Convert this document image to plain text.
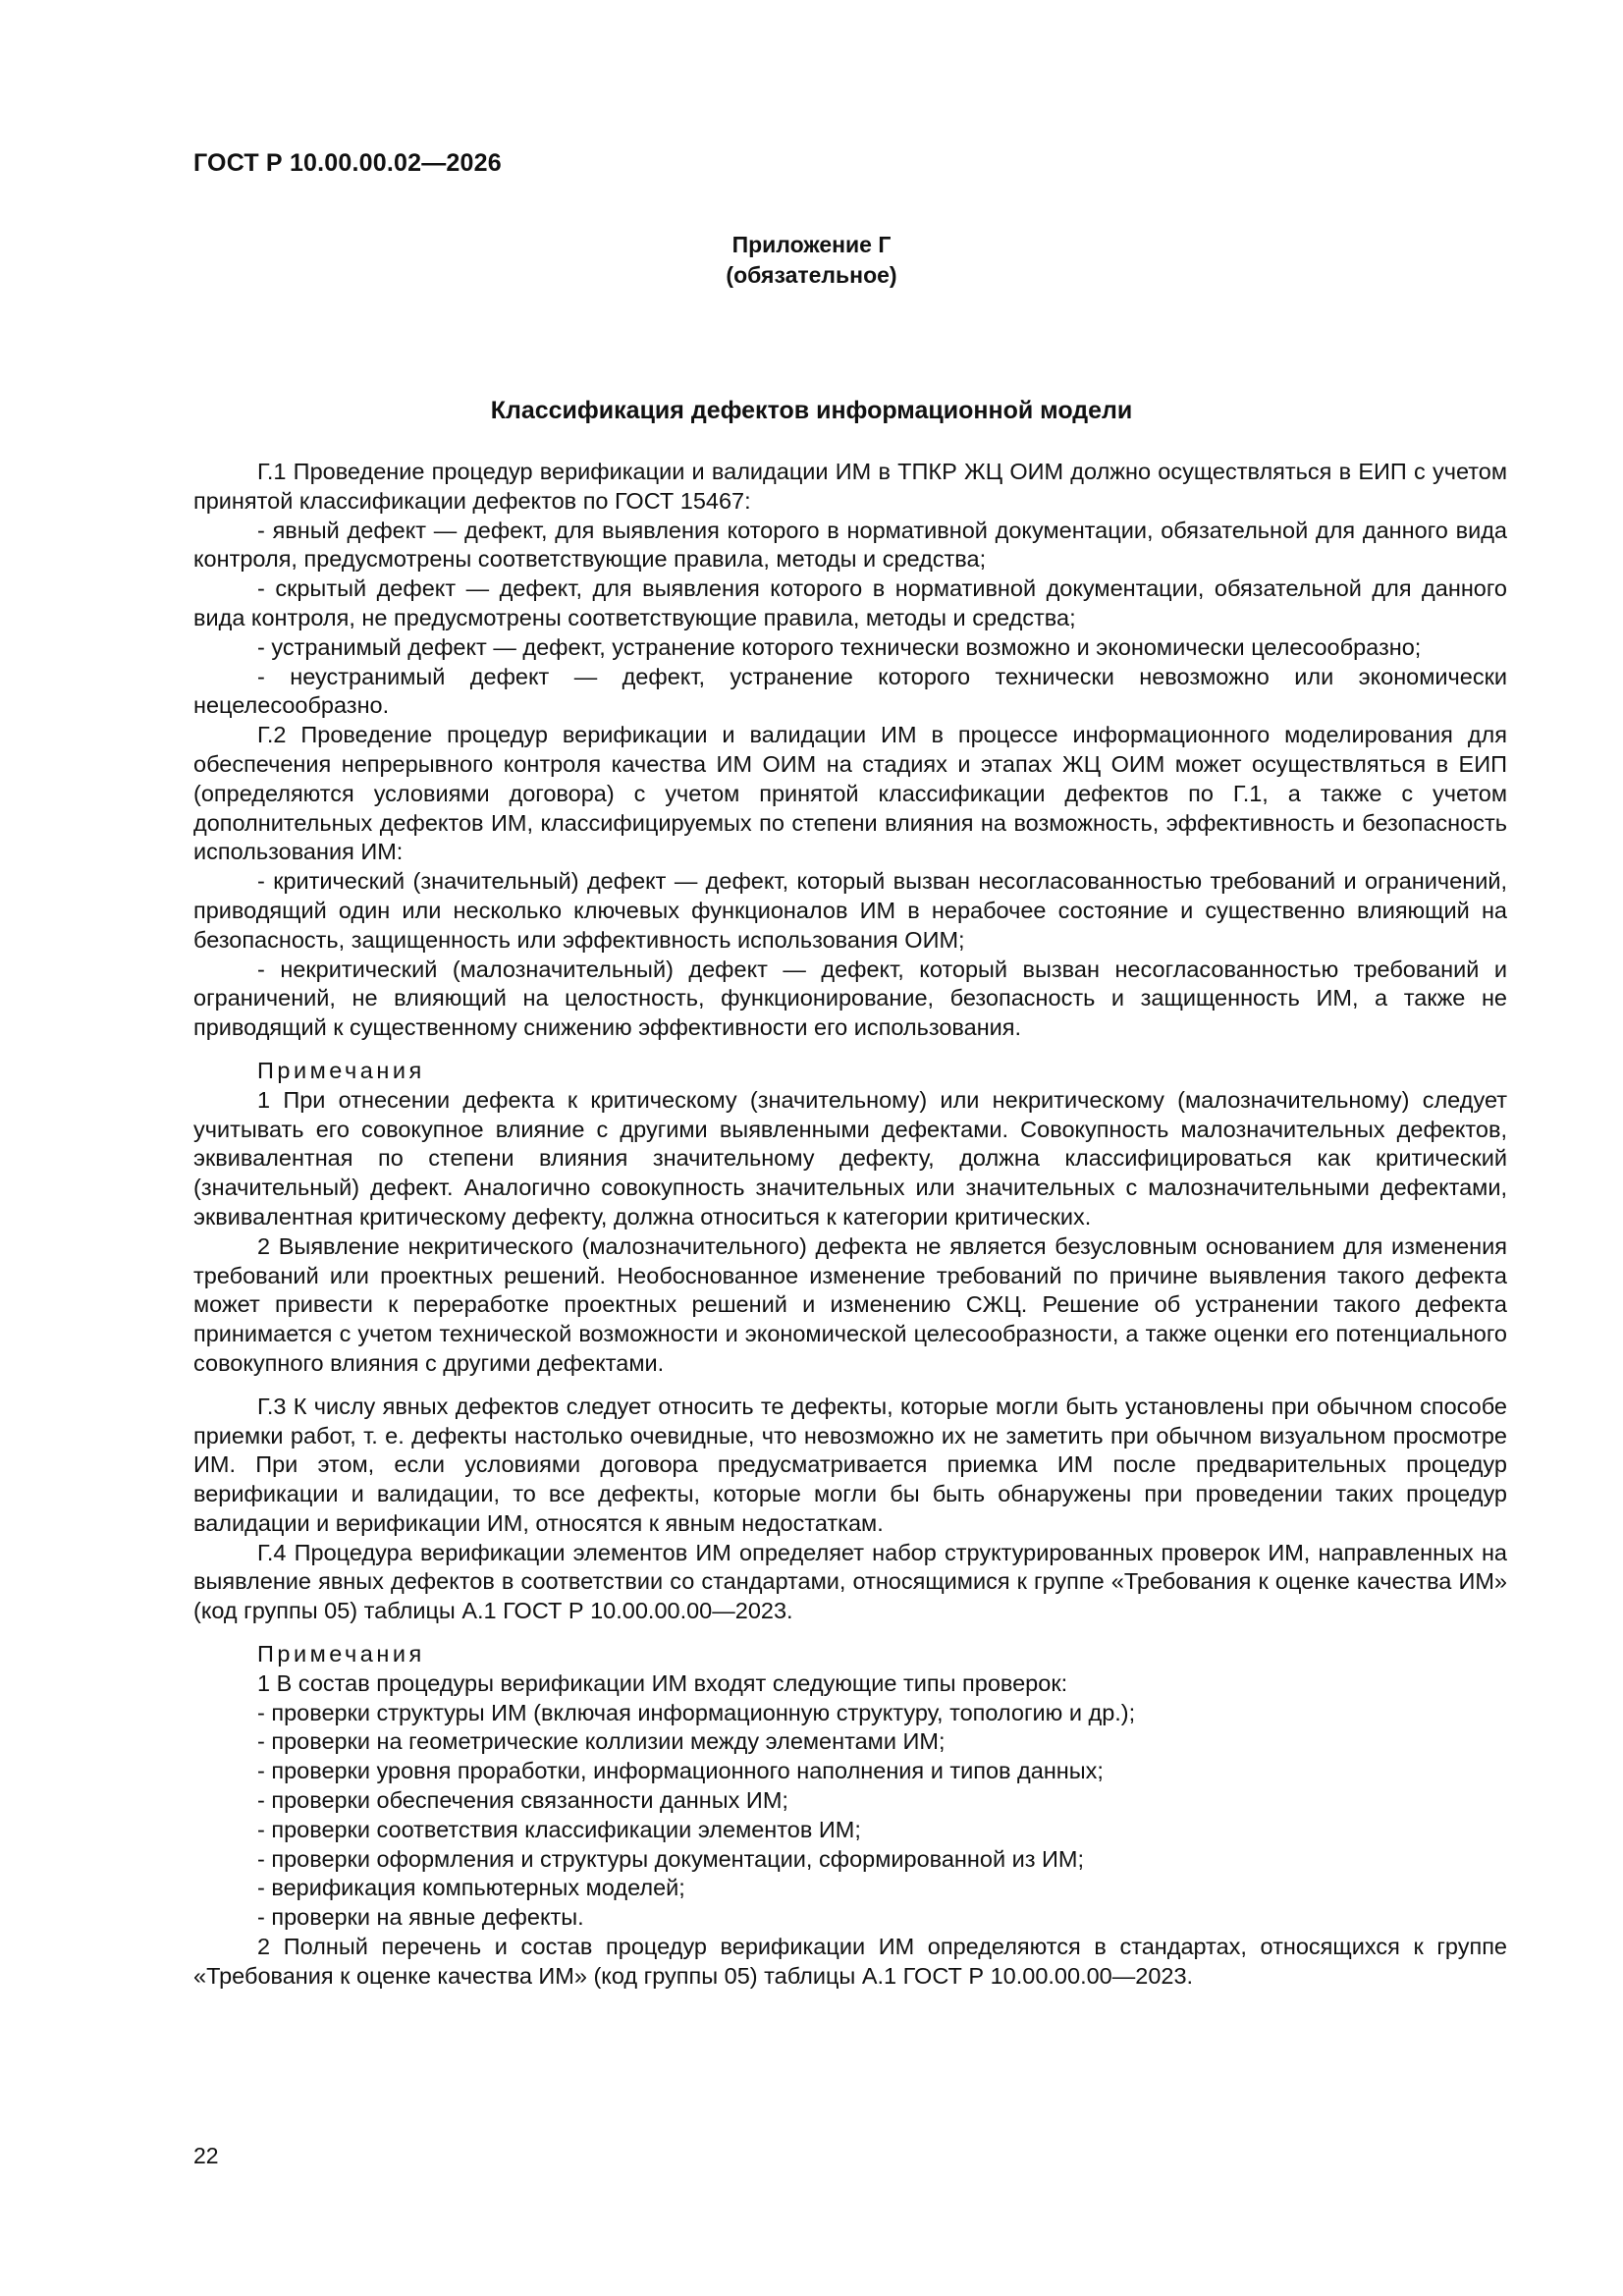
ГОСТ Р 10.00.00.02—2026
Приложение Г
(обязательное)
Классификация дефектов информационной модели

Г.1 Проведение процедур верификации и валидации ИМ в ТПКР ЖЦ ОИМ должно осуществляться в ЕИП с учетом принятой классификации дефектов по ГОСТ 15467:

- явный дефект — дефект, для выявления которого в нормативной документации, обязательной для данного вида контроля, предусмотрены соответствующие правила, методы и средства;

- скрытый дефект — дефект, для выявления которого в нормативной документации, обязательной для данного вида контроля, не предусмотрены соответствующие правила, методы и средства;

- устранимый дефект — дефект, устранение которого технически возможно и экономически целесообразно;

- неустранимый дефект — дефект, устранение которого технически невозможно или экономически нецелесообразно.

Г.2 Проведение процедур верификации и валидации ИМ в процессе информационного моделирования для обеспечения непрерывного контроля качества ИМ ОИМ на стадиях и этапах ЖЦ ОИМ может осуществляться в ЕИП (определяются условиями договора) с учетом принятой классификации дефектов по Г.1, а также с учетом дополнительных дефектов ИМ, классифицируемых по степени влияния на возможность, эффективность и безопасность использования ИМ:

- критический (значительный) дефект — дефект, который вызван несогласованностью требований и ограничений, приводящий один или несколько ключевых функционалов ИМ в нерабочее состояние и существенно влияющий на безопасность, защищенность или эффективность использования ОИМ;

- некритический (малозначительный) дефект — дефект, который вызван несогласованностью требований и ограничений, не влияющий на целостность, функционирование, безопасность и защищенность ИМ, а также не приводящий к существенному снижению эффективности его использования.

Примечания

1 При отнесении дефекта к критическому (значительному) или некритическому (малозначительному) следует учитывать его совокупное влияние с другими выявленными дефектами. Совокупность малозначительных дефектов, эквивалентная по степени влияния значительному дефекту, должна классифицироваться как критический (значительный) дефект. Аналогично совокупность значительных или значительных с малозначительными дефектами, эквивалентная критическому дефекту, должна относиться к категории критических.

2 Выявление некритического (малозначительного) дефекта не является безусловным основанием для изменения требований или проектных решений. Необоснованное изменение требований по причине выявления такого дефекта может привести к переработке проектных решений и изменению СЖЦ. Решение об устранении такого дефекта принимается с учетом технической возможности и экономической целесообразности, а также оценки его потенциального совокупного влияния с другими дефектами.

Г.3 К числу явных дефектов следует относить те дефекты, которые могли быть установлены при обычном способе приемки работ, т. е. дефекты настолько очевидные, что невозможно их не заметить при обычном визуальном просмотре ИМ. При этом, если условиями договора предусматривается приемка ИМ после предварительных процедур верификации и валидации, то все дефекты, которые могли бы быть обнаружены при проведении таких процедур валидации и верификации ИМ, относятся к явным недостаткам.

Г.4 Процедура верификации элементов ИМ определяет набор структурированных проверок ИМ, направленных на выявление явных дефектов в соответствии со стандартами, относящимися к группе «Требования к оценке качества ИМ» (код группы 05) таблицы А.1 ГОСТ Р 10.00.00.00—2023.

Примечания

1 В состав процедуры верификации ИМ входят следующие типы проверок:

- проверки структуры ИМ (включая информационную структуру, топологию и др.);

- проверки на геометрические коллизии между элементами ИМ;

- проверки уровня проработки, информационного наполнения и типов данных;

- проверки обеспечения связанности данных ИМ;

- проверки соответствия классификации элементов ИМ;

- проверки оформления и структуры документации, сформированной из ИМ;

- верификация компьютерных моделей;

- проверки на явные дефекты.

2 Полный перечень и состав процедур верификации ИМ определяются в стандартах, относящихся к группе «Требования к оценке качества ИМ» (код группы 05) таблицы А.1 ГОСТ Р 10.00.00.00—2023.

22
